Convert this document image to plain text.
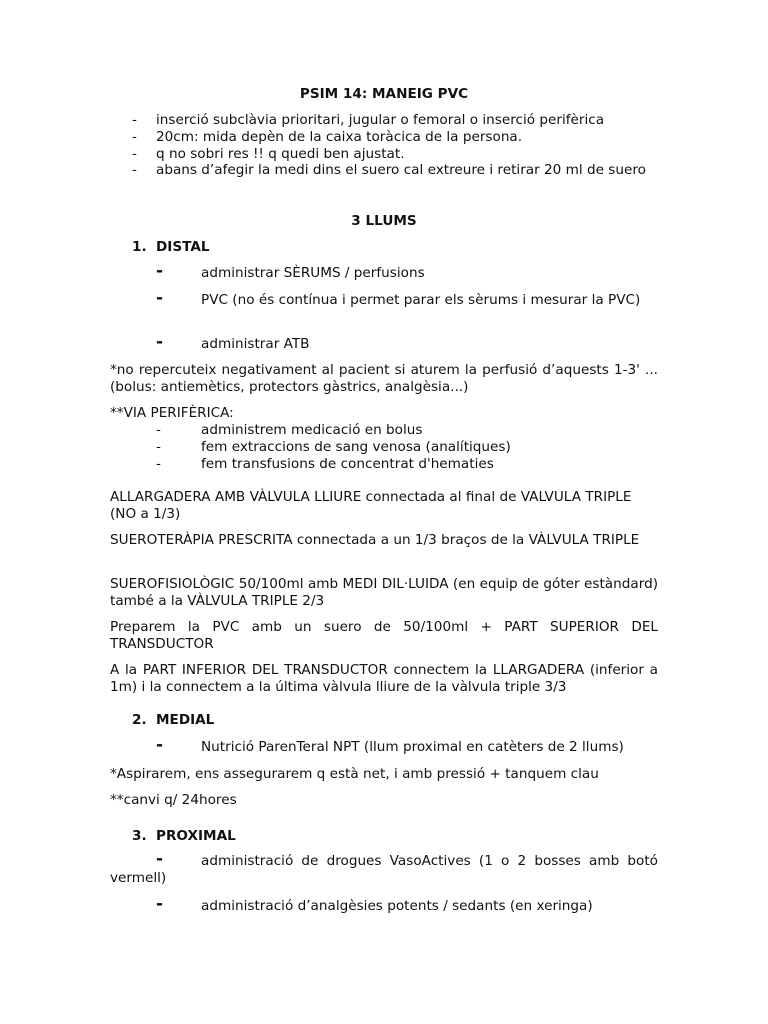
PSIM 14: MANEIG PVC

- inserció subclàvia prioritari, jugular o femoral o inserció perifèrica
- 20cm: mida depèn de la caixa toràcica de la persona.
- q no sobri res !! q quedi ben ajustat.
- abans d’afegir la medi dins el suero cal extreure i retirar 20 ml de suero

3 LLUMS

1. DISTAL
-	administrar SÈRUMS / perfusions
-	PVC (no és contínua i permet parar els sèrums i mesurar la PVC)
-	administrar ATB

*no repercuteix negativament al pacient si aturem la perfusió d’aquests 1-3' ... (bolus: antiemètics, protectors gàstrics, analgèsia...)

**VIA PERIFÈRICA:

-	administrem medicació en bolus
-	fem extraccions de sang venosa (analítiques)
-	fem transfusions de concentrat d'hematies

ALLARGADERA AMB VÀLVULA LLIURE connectada al final de VALVULA TRIPLE (NO a 1/3)

SUEROTERÀPIA PRESCRITA connectada a un 1/3 braços de la VÀLVULA TRIPLE

SUEROFISIOLÒGIC 50/100ml amb MEDI DIL·LUIDA (en equip de góter estàndard) també a la VÀLVULA TRIPLE 2/3

Preparem la PVC amb un suero de 50/100ml + PART SUPERIOR DEL TRANSDUCTOR

A la PART INFERIOR DEL TRANSDUCTOR connectem la LLARGADERA (inferior a 1m) i la connectem a la última vàlvula lliure de la vàlvula triple 3/3

2. MEDIAL
-	Nutrició ParenTeral NPT (llum proximal en catèters de 2 llums)

*Aspirarem, ens assegurarem q està net, i amb pressió + tanquem clau

**canvi q/ 24hores

3. PROXIMAL
-	administració de drogues VasoActives (1 o 2 bosses amb botó vermell)
-	administració d’analgèsies potents / sedants (en xeringa)
